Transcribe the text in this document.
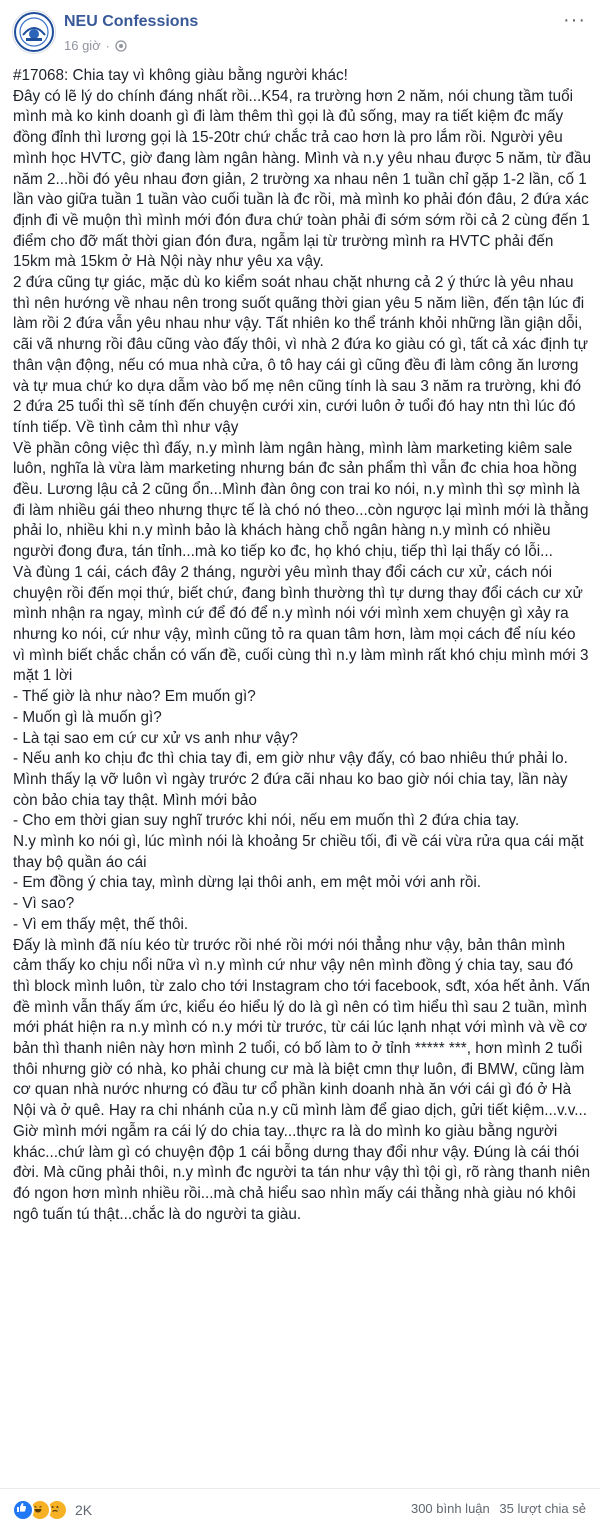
NEU Confessions
16 giờ ·
···

#17068: Chia tay vì không giàu bằng người khác!

Đây có lẽ lý do chính đáng nhất rồi...K54, ra trường hơn 2 năm, nói chung tầm tuổi mình mà ko kinh doanh gì đi làm thêm thì gọi là đủ sống, may ra tiết kiệm đc mấy đồng đỉnh thì lương gọi là 15-20tr chứ chắc trả cao hơn là pro lắm rồi. Người yêu mình học HVTC, giờ đang làm ngân hàng. Mình và n.y yêu nhau được 5 năm, từ đầu năm 2...hồi đó yêu nhau đơn giản, 2 trường xa nhau nên 1 tuần chỉ gặp 1-2 lần, cố 1 lần vào giữa tuần 1 tuần vào cuối tuần là đc rồi, mà mình ko phải đón đâu, 2 đứa xác định đi về muộn thì mình mới đón đưa chứ toàn phải đi sớm sớm rồi cả 2 cùng đến 1 điểm cho đỡ mất thời gian đón đưa, ngẫm lại từ trường mình ra HVTC phải đến 15km mà 15km ở Hà Nội này như yêu xa vậy.

2 đứa cũng tự giác, mặc dù ko kiểm soát nhau chặt nhưng cả 2 ý thức là yêu nhau thì nên hướng về nhau nên trong suốt quãng thời gian yêu 5 năm liền, đến tận lúc đi làm rồi 2 đứa vẫn yêu nhau như vậy. Tất nhiên ko thể tránh khỏi những lần giận dỗi, cãi vã nhưng rồi đâu cũng vào đấy thôi, vì nhà 2 đứa ko giàu có gì, tất cả xác định tự thân vận động, nếu có mua nhà cửa, ô tô hay cái gì cũng đều đi làm công ăn lương và tự mua chứ ko dựa dẫm vào bố mẹ nên cũng tính là sau 3 năm ra trường, khi đó 2 đứa 25 tuổi thì sẽ tính đến chuyện cưới xin, cưới luôn ở tuổi đó hay ntn thì lúc đó tính tiếp. Về tình cảm thì như vậy

Về phần công việc thì đấy, n.y mình làm ngân hàng, mình làm marketing kiêm sale luôn, nghĩa là vừa làm marketing nhưng bán đc sản phẩm thì vẫn đc chia hoa hồng đều. Lương lậu cả 2 cũng ổn...Mình đàn ông con trai ko nói, n.y mình thì sợ mình là đi làm nhiều gái theo nhưng thực tế là chó nó theo...còn ngược lại mình mới là thằng phải lo, nhiều khi n.y mình bảo là khách hàng chỗ ngân hàng n.y mình có nhiều người đong đưa, tán tỉnh...mà ko tiếp ko đc, họ khó chịu, tiếp thì lại thấy có lỗi...

Và đùng 1 cái, cách đây 2 tháng, người yêu mình thay đổi cách cư xử, cách nói chuyện rồi đến mọi thứ, biết chứ, đang bình thường thì tự dưng thay đổi cách cư xử mình nhận ra ngay, mình cứ để đó để n.y mình nói với mình xem chuyện gì xảy ra nhưng ko nói, cứ như vậy, mình cũng tỏ ra quan tâm hơn, làm mọi cách để níu kéo vì mình biết chắc chắn có vấn đề, cuối cùng thì n.y làm mình rất khó chịu mình mới 3 mặt 1 lời

- Thế giờ là như nào? Em muốn gì?

- Muốn gì là muốn gì?

- Là tại sao em cứ cư xử vs anh như vậy?

- Nếu anh ko chịu đc thì chia tay đi, em giờ như vậy đấy, có bao nhiêu thứ phải lo.

Mình thấy lạ vỡ luôn vì ngày trước 2 đứa cãi nhau ko bao giờ nói chia tay, lần này còn bảo chia tay thật. Mình mới bảo

- Cho em thời gian suy nghĩ trước khi nói, nếu em muốn thì 2 đứa chia tay.

N.y mình ko nói gì, lúc mình nói là khoảng 5r chiều tối, đi về cái vừa rửa qua cái mặt thay bộ quần áo cái

- Em đồng ý chia tay, mình dừng lại thôi anh, em mệt mỏi với anh rồi.

- Vì sao?

- Vì em thấy mệt, thế thôi.

Đấy là mình đã níu kéo từ trước rồi nhé rồi mới nói thẳng như vậy, bản thân mình cảm thấy ko chịu nổi nữa vì n.y mình cứ như vậy nên mình đồng ý chia tay, sau đó thì block mình luôn, từ zalo cho tới Instagram cho tới facebook, sđt, xóa hết ảnh. Vấn đề mình vẫn thấy ấm ức, kiểu éo hiểu lý do là gì nên có tìm hiểu thì sau 2 tuần, mình mới phát hiện ra n.y mình có n.y mới từ trước, từ cái lúc lạnh nhạt với mình và về cơ bản thì thanh niên này hơn mình 2 tuổi, có bố làm to ở tỉnh ***** ***, hơn mình 2 tuổi thôi nhưng giờ có nhà, ko phải chung cư mà là biệt cmn thự luôn, đi BMW, cũng làm cơ quan nhà nước nhưng có đầu tư cổ phần kinh doanh nhà ăn với cái gì đó ở Hà Nội và ở quê. Hay ra chi nhánh của n.y cũ mình làm để giao dịch, gửi tiết kiệm...v.v...

Giờ mình mới ngẫm ra cái lý do chia tay...thực ra là do mình ko giàu bằng người khác...chứ làm gì có chuyện độp 1 cái bỗng dưng thay đổi như vậy. Đúng là cái thói đời. Mà cũng phải thôi, n.y mình đc người ta tán như vậy thì tội gì, rõ ràng thanh niên đó ngon hơn mình nhiều rồi...mà chả hiểu sao nhìn mấy cái thằng nhà giàu nó khôi ngô tuấn tú thật...chắc là do người ta giàu.

2K	300 bình luận 35 lượt chia sẻ
